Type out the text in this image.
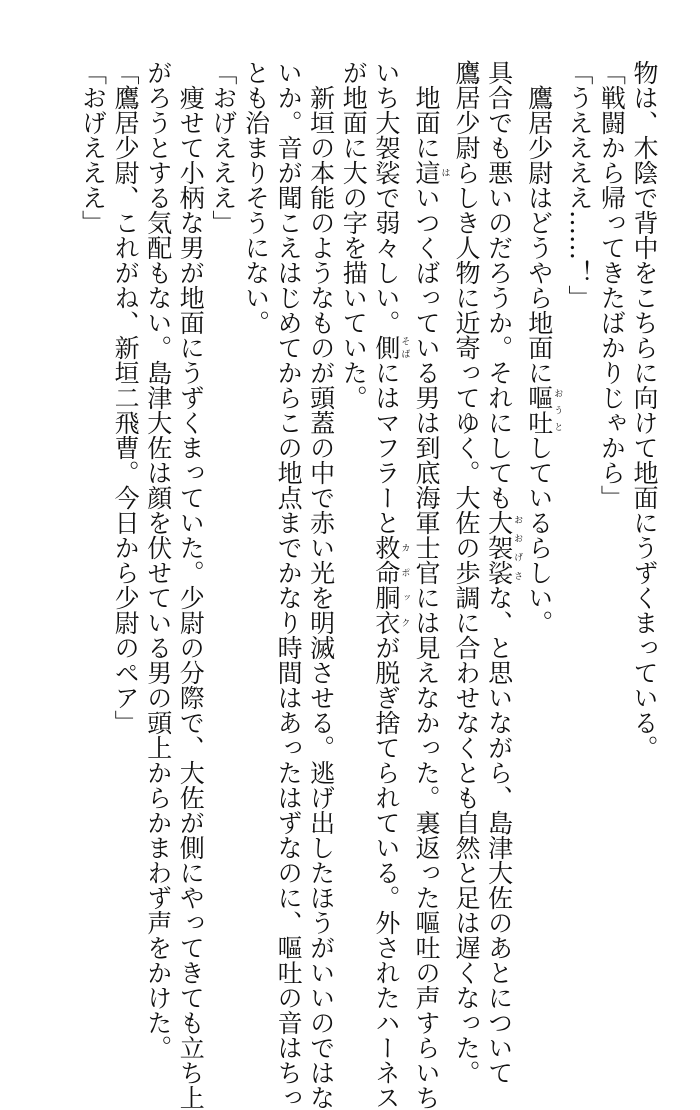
物は、木陰で背中をこちらに向けて地面にうずくまっている。
「戦闘から帰ってきたばかりじゃから」
「うええええ……！」
　鷹居少尉はどうやら地面に嘔吐おうとしているらしい。
具合でも悪いのだろうか。それにしても大袈裟おおげさな、と思いながら、島津大佐のあとについて
鷹居少尉らしき人物に近寄ってゆく。大佐の歩調に合わせなくとも自然と足は遅くなった。
　地面に這はいつくばっている男は到底海軍士官には見えなかった。裏返った嘔吐の声すらいち
いち大袈裟で弱々しい。側そばにはマフラーと救命胴衣カポックが脱ぎ捨てられている。外されたハーネス
が地面に大の字を描いていた。
　新垣の本能のようなものが頭蓋の中で赤い光を明滅させる。逃げ出したほうがいいのではな
いか。音が聞こえはじめてからこの地点までかなり時間はあったはずなのに、嘔吐の音はちっ
とも治まりそうにない。
「おげえええ」
　痩せて小柄な男が地面にうずくまっていた。少尉の分際で、大佐が側にやってきても立ち上
がろうとする気配もない。島津大佐は顔を伏せている男の頭上からかまわず声をかけた。
「鷹居少尉、これがね、新垣二飛曹。今日から少尉のペア」
「おげえええ」
